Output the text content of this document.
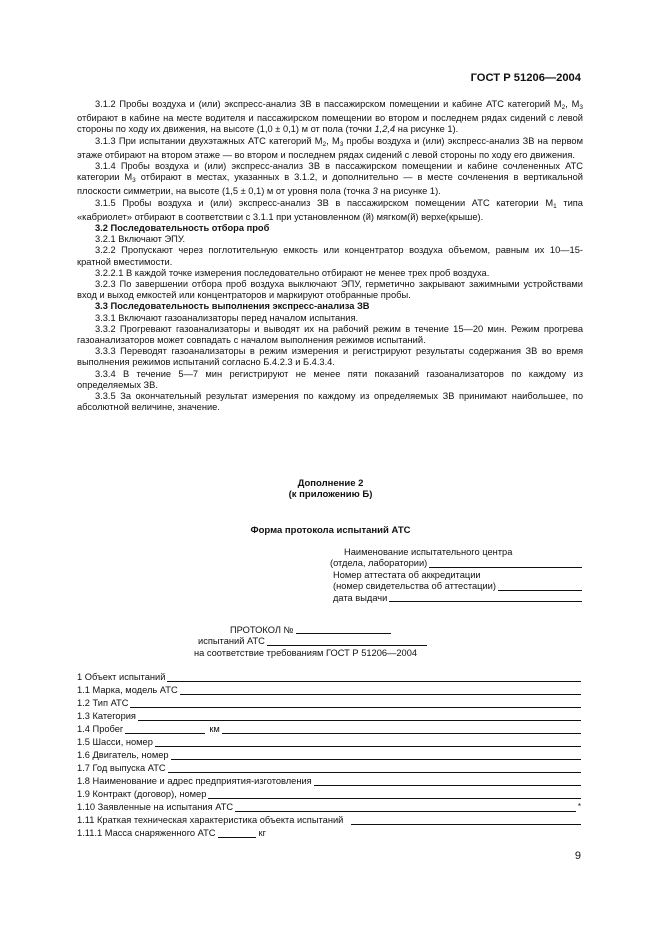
ГОСТ Р 51206—2004

3.1.2 Пробы воздуха и (или) экспресс-анализ ЗВ в пассажирском помещении и кабине АТС категорий $М_2$, $М_3$ отбирают в кабине на месте водителя и пассажирском помещении во втором и последнем рядах сидений с левой стороны по ходу их движения, на высоте (1,0 ± 0,1) м от пола (точки 1,2,4 на рисунке 1).

3.1.3 При испытании двухэтажных АТС категорий $М_2$, $М_3$ пробы воздуха и (или) экспресс-анализ ЗВ на первом этаже отбирают на втором этаже — во втором и последнем рядах сидений с левой стороны по ходу его движения.

3.1.4 Пробы воздуха и (или) экспресс-анализ ЗВ в пассажирском помещении и кабине сочлененных АТС категории $М_3$ отбирают в местах, указанных в 3.1.2, и дополнительно — в месте сочленения в вертикальной плоскости симметрии, на высоте (1,5 ± 0,1) м от уровня пола (точка 3 на рисунке 1).

3.1.5 Пробы воздуха и (или) экспресс-анализ ЗВ в пассажирском помещении АТС категории $М_1$ типа «кабриолет» отбирают в соответствии с 3.1.1 при установленном (й) мягком(й) верхе(крыше).

3.2 Последовательность отбора проб

3.2.1 Включают ЭПУ.

3.2.2 Пропускают через поглотительную емкость или концентратор воздуха объемом, равным их 10—15-кратной вместимости.

3.2.2.1 В каждой точке измерения последовательно отбирают не менее трех проб воздуха.

3.2.3 По завершении отбора проб воздуха выключают ЭПУ, герметично закрывают зажимными устройствами вход и выход емкостей или концентраторов и маркируют отобранные пробы.

3.3 Последовательность выполнения экспресс-анализа ЗВ

3.3.1 Включают газоанализаторы перед началом испытания.

3.3.2 Прогревают газоанализаторы и выводят их на рабочий режим в течение 15—20 мин. Режим прогрева газоанализаторов может совпадать с началом выполнения режимов испытаний.

3.3.3 Переводят газоанализаторы в режим измерения и регистрируют результаты содержания ЗВ во время выполнения режимов испытаний согласно Б.4.2.3 и Б.4.3.4.

3.3.4 В течение 5—7 мин регистрируют не менее пяти показаний газоанализаторов по каждому из определяемых ЗВ.

3.3.5 За окончательный результат измерения по каждому из определяемых ЗВ принимают наибольшее, по абсолютной величине, значение.

Дополнение 2
(к приложению Б)
Форма протокола испытаний АТС
Наименование испытательного центра
(отдела, лаборатории)
Номер аттестата об аккредитации
(номер свидетельства об аттестации)
дата выдачи
ПРОТОКОЛ №
испытаний АТС
на соответствие требованиям ГОСТ Р 51206—2004
1 Объект испытаний
1.1 Марка, модель АТС
1.2 Тип АТС
1.3 Категория
1.4 Пробег	км
1.5 Шасси, номер
1.6 Двигатель, номер
1.7 Год выпуска АТС
1.8 Наименование и адрес предприятия-изготовления
1.9 Контракт (договор), номер
1.10 Заявленные на испытания АТС	*
1.11 Краткая техническая характеристика объекта испытаний
1.11.1 Масса снаряженного АТС	кг
9
